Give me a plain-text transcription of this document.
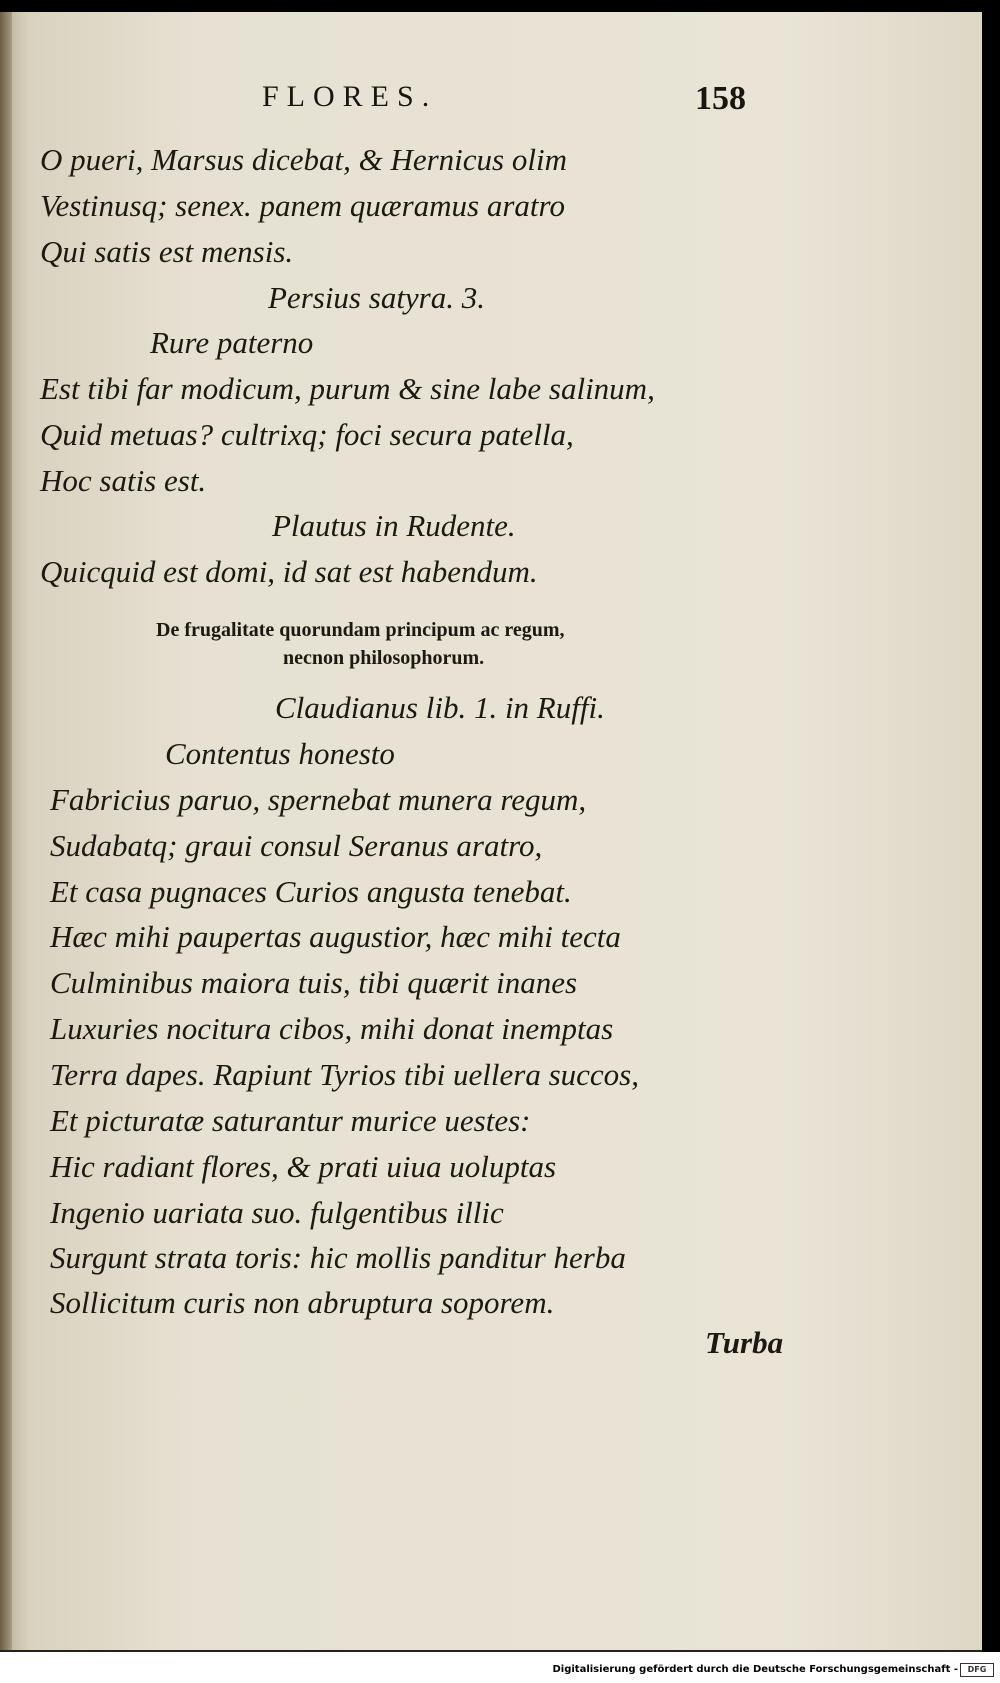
FLORES.	158
O pueri, Marsus dicebat, & Hernicus olim
Vestinusq; senex. panem quæramus aratro
Qui satis est mensis.
Persius satyra. 3.
Rure paterno
Est tibi far modicum, purum & sine labe salinum,
Quid metuas? cultrixq; foci secura patella,
Hoc satis est.
Plautus in Rudente.
Quicquid est domi, id sat est habendum.
De frugalitate quorundam principum ac regum,
necnon philosophorum.
Claudianus lib. 1. in Ruffi.
Contentus honesto
Fabricius paruo, spernebat munera regum,
Sudabatq; graui consul Seranus aratro,
Et casa pugnaces Curios angusta tenebat.
Hæc mihi paupertas augustior, hæc mihi tecta
Culminibus maiora tuis, tibi quærit inanes
Luxuries nocitura cibos, mihi donat inemptas
Terra dapes. Rapiunt Tyrios tibi uellera succos,
Et picturatæ saturantur murice uestes:
Hic radiant flores, & prati uiua uoluptas
Ingenio uariata suo. fulgentibus illic
Surgunt strata toris: hic mollis panditur herba
Sollicitum curis non abruptura soporem.
Turba
Digitalisierung gefördert durch die Deutsche Forschungsgemeinschaft -	DFG
